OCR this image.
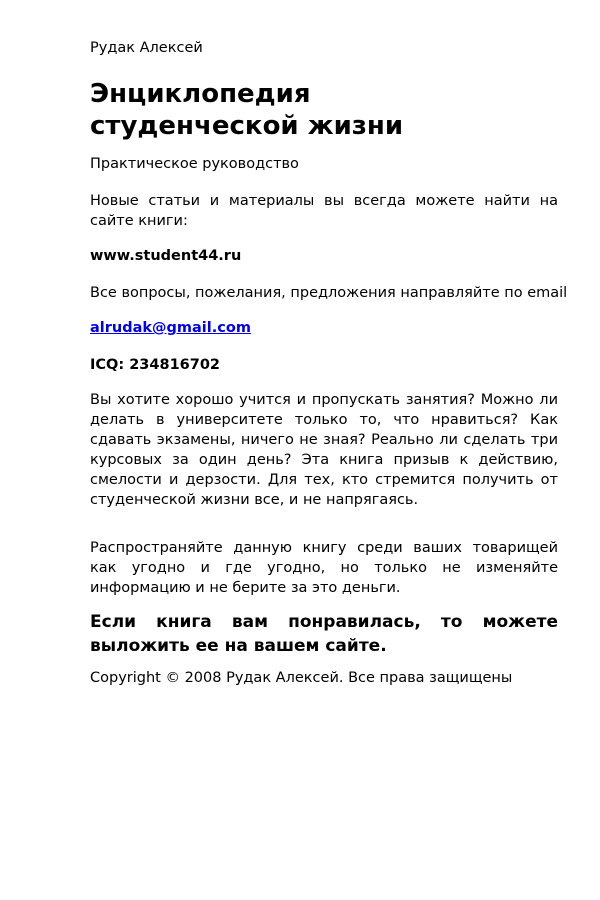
Рудак Алексей
Энциклопедия
студенческой жизни
Практическое руководство
Новые статьи и материалы вы всегда можете найти на сайте книги:
www.student44.ru
Все вопросы, пожелания, предложения направляйте по email
alrudak@gmail.com
ICQ: 234816702
Вы хотите хорошо учится и пропускать занятия? Можно ли делать в университете только то, что нравиться? Как сдавать экзамены, ничего не зная? Реально ли сделать три курсовых за один день? Эта книга призыв к действию, смелости и дерзости. Для тех, кто стремится получить от студенческой жизни все, и не напрягаясь.
Распространяйте данную книгу среди ваших товарищей как угодно и где угодно, но только не изменяйте информацию и не берите за это деньги.
Если книга вам понравилась, то можете выложить ее на вашем сайте.
Copyright © 2008 Рудак Алексей. Все права защищены
